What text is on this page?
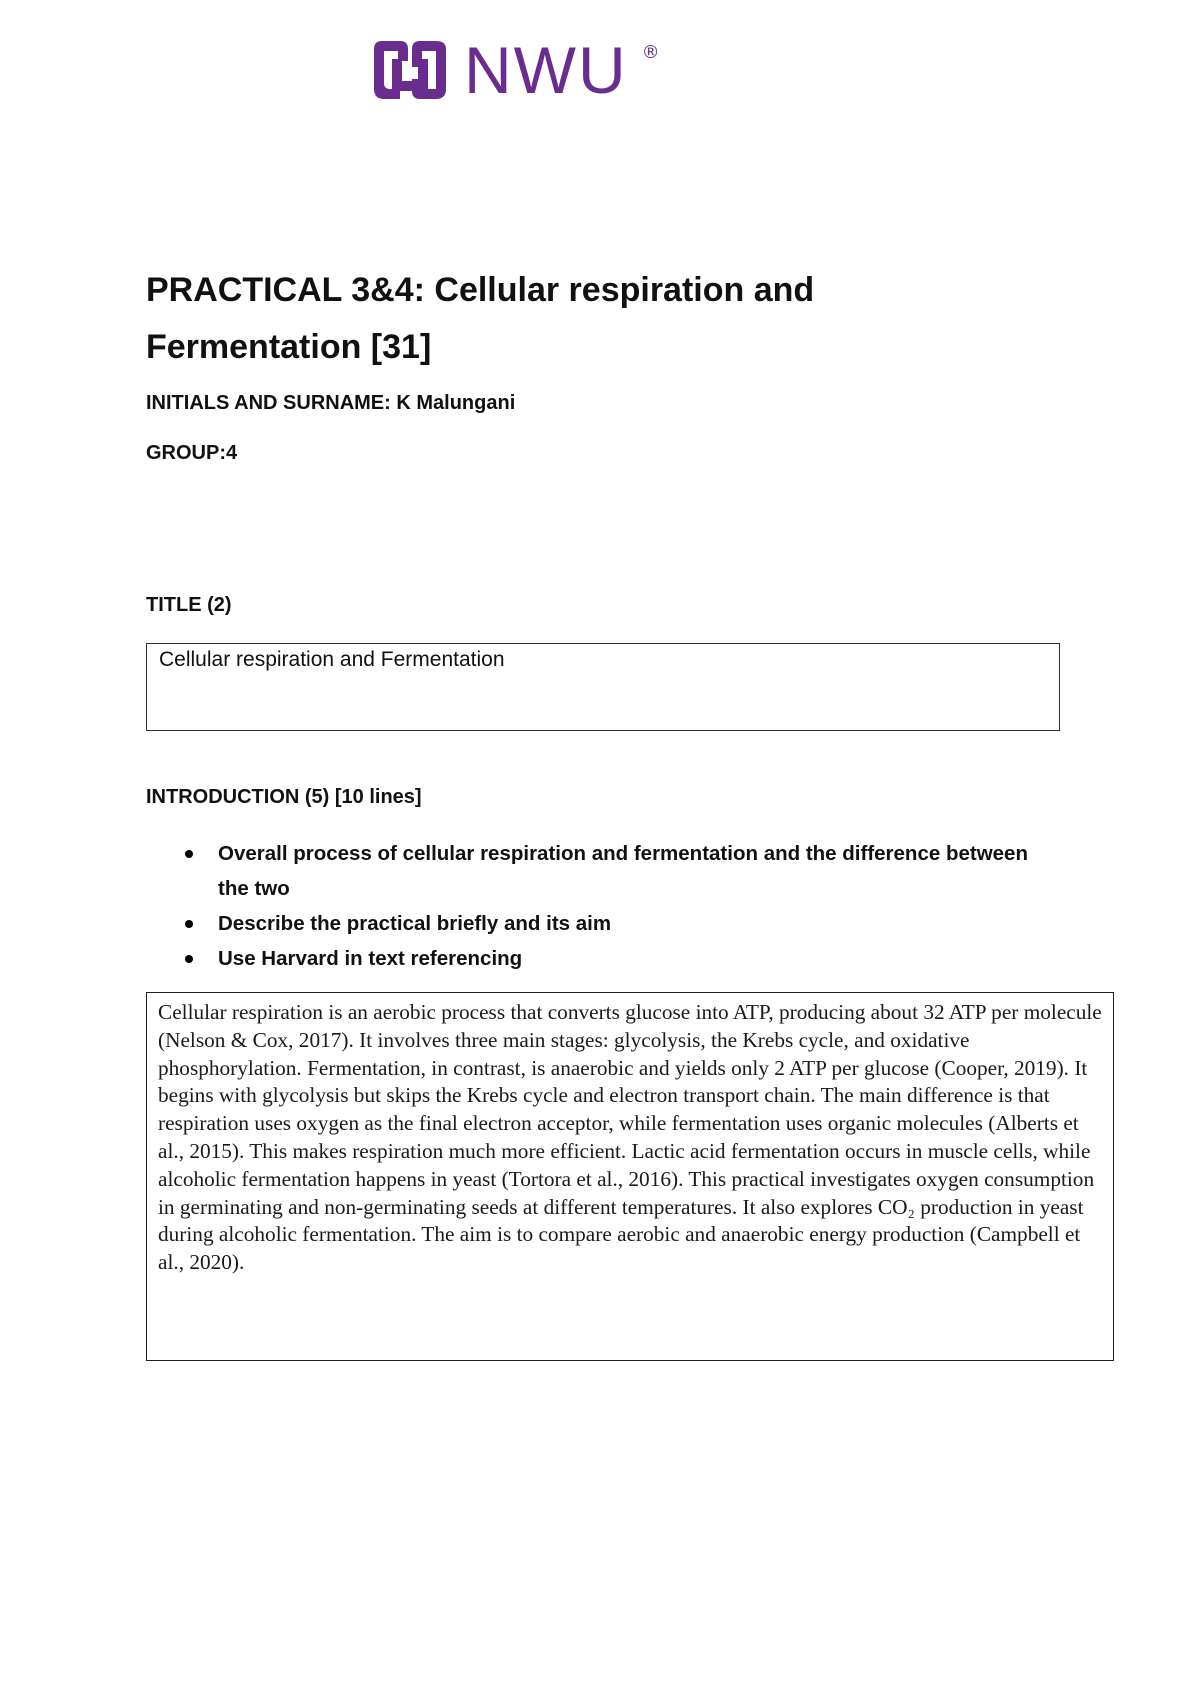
NWU ®
PRACTICAL 3&4: Cellular respiration and
Fermentation [31]

INITIALS AND SURNAME: K Malungani

GROUP:4

TITLE (2)

Cellular respiration and Fermentation

INTRODUCTION (5) [10 lines]

Overall process of cellular respiration and fermentation and the difference between the two
Describe the practical briefly and its aim
Use Harvard in text referencing
Cellular respiration is an aerobic process that converts glucose into ATP, producing about 32 ATP per molecule (Nelson & Cox, 2017). It involves three main stages: glycolysis, the Krebs cycle, and oxidative phosphorylation. Fermentation, in contrast, is anaerobic and yields only 2 ATP per glucose (Cooper, 2019). It begins with glycolysis but skips the Krebs cycle and electron transport chain. The main difference is that respiration uses oxygen as the final electron acceptor, while fermentation uses organic molecules (Alberts et al., 2015). This makes respiration much more efficient. Lactic acid fermentation occurs in muscle cells, while alcoholic fermentation happens in yeast (Tortora et al., 2016). This practical investigates oxygen consumption in germinating and non-germinating seeds at different temperatures. It also explores CO₂ production in yeast during alcoholic fermentation. The aim is to compare aerobic and anaerobic energy production (Campbell et al., 2020).
